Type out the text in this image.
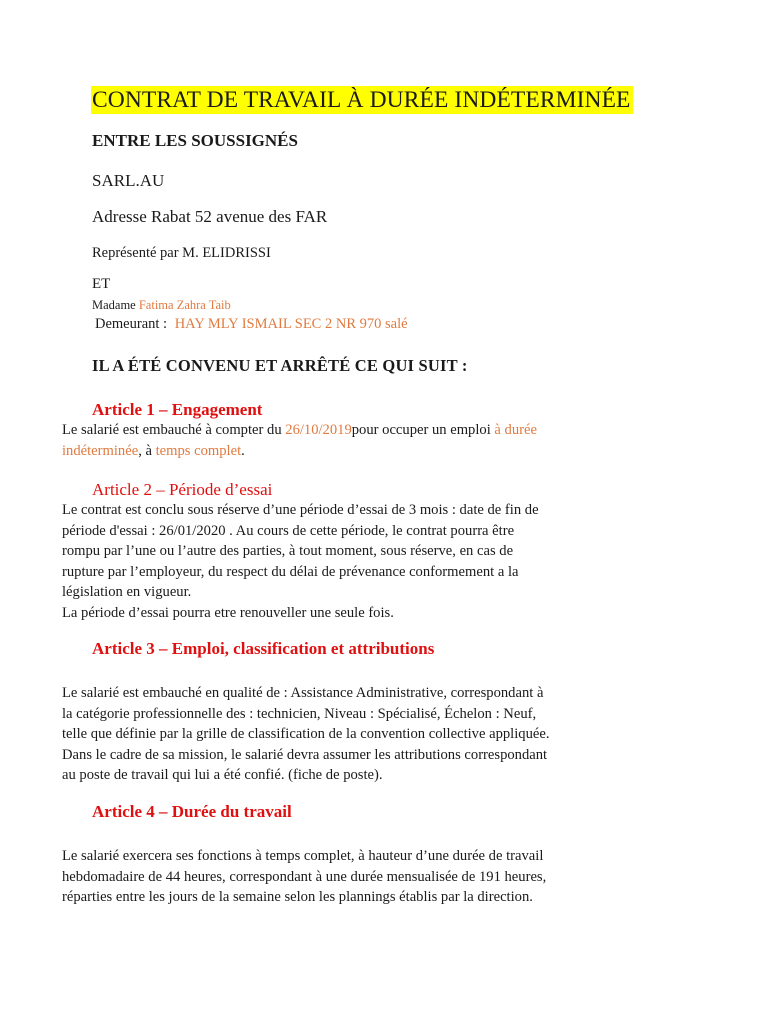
CONTRAT DE TRAVAIL À DURÉE INDÉTERMINÉE
ENTRE LES SOUSSIGNÉS
SARL.AU
Adresse Rabat 52 avenue des FAR
Représenté par M. ELIDRISSI
ET
Madame Fatima Zahra Taib
Demeurant : HAY MLY ISMAIL SEC 2 NR 970 salé
IL A ÉTÉ CONVENU ET ARRÊTÉ CE QUI SUIT :
Article 1 – Engagement
Le salarié est embauché à compter du 26/10/2019pour occuper un emploi à durée
indéterminée, à temps complet.
Article 2 – Période d’essai
Le contrat est conclu sous réserve d’une période d’essai de 3 mois : date de fin de
période d'essai : 26/01/2020 . Au cours de cette période, le contrat pourra être
rompu par l’une ou l’autre des parties, à tout moment, sous réserve, en cas de
rupture par l’employeur, du respect du délai de prévenance conformement a la
législation en vigueur.
La période d’essai pourra etre renouveller une seule fois.
Article 3 – Emploi, classification et attributions
Le salarié est embauché en qualité de : Assistance Administrative, correspondant à
la catégorie professionnelle des : technicien, Niveau : Spécialisé, Échelon : Neuf,
telle que définie par la grille de classification de la convention collective appliquée.
Dans le cadre de sa mission, le salarié devra assumer les attributions correspondant
au poste de travail qui lui a été confié. (fiche de poste).
Article 4 – Durée du travail
Le salarié exercera ses fonctions à temps complet, à hauteur d’une durée de travail
hebdomadaire de 44 heures, correspondant à une durée mensualisée de 191 heures,
réparties entre les jours de la semaine selon les plannings établis par la direction.
